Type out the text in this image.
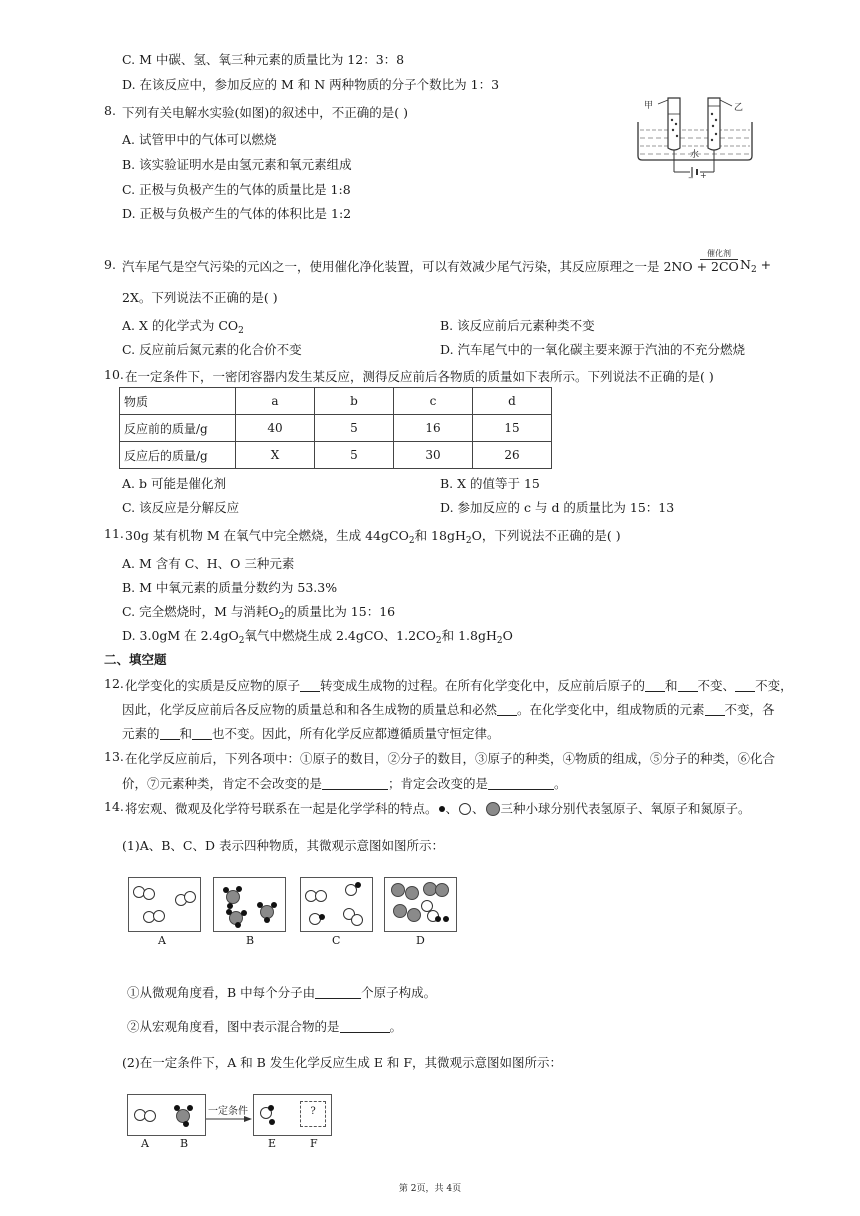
C. M 中碳、氢、氧三种元素的质量比为 12：3：8
D. 在该反应中，参加反应的 M 和 N 两种物质的分子个数比为 1：3
8. 下列有关电解水实验(如图)的叙述中，不正确的是( )
A. 试管甲中的气体可以燃烧
B. 该实验证明水是由氢元素和氧元素组成
C. 正极与负极产生的气体的质量比是 1:8
D. 正极与负极产生的气体的体积比是 1:2
− +
甲	乙
水
9. 汽车尾气是空气污染的元凶之一，使用催化净化装置，可以有效减少尾气污染，其反应原理之一是 2NO + 2CO
催化剂
$N_2$ +
2X。下列说法不正确的是( )
A. X 的化学式为 $CO_2$	B. 该反应前后元素种类不变
C. 反应前后氮元素的化合价不变	D. 汽车尾气中的一氧化碳主要来源于汽油的不充分燃烧
10. 在一定条件下，一密闭容器内发生某反应，测得反应前后各物质的质量如下表所示。下列说法不正确的是( )
物质	a	b	c	d
反应前的质量/g	40	5	16	15
反应后的质量/g	X	5	30	26
A. b 可能是催化剂	B. X 的值等于 15
C. 该反应是分解反应	D. 参加反应的 c 与 d 的质量比为 15：13
11. 30g 某有机物 M 在氧气中完全燃烧，生成 44gCO$_2$和 $18gH_2O$，下列说法不正确的是( )
A. M 含有 C、H、O 三种元素
B. M 中氧元素的质量分数约为 53.3%
C. 完全燃烧时，M 与消耗$O_2$的质量比为 15：16
D. 3.0gM 在 $2.4gO_2$氧气中燃烧生成 2.4gCO、$1.2CO_2$和 $1.8gH_2O$
二、填空题
12. 化学变化的实质是反应物的原子 转变成生成物的过程。在所有化学变化中，反应前后原子的 和 不变、 不变，
因此，化学反应前后各反应物的质量总和和各生成物的质量总和必然 。在化学变化中，组成物质的元素 不变，各
元素的 和 也不变。因此，所有化学反应都遵循质量守恒定律。
13. 在化学反应前后，下列各项中：①原子的数目，②分子的数目，③原子的种类，④物质的组成，⑤分子的种类，⑥化合
价，⑦元素种类，肯定不会改变的是	；肯定会改变的是	。
14. 将宏观、微观及化学符号联系在一起是化学学科的特点。 、 、 三种小球分别代表氢原子、氧原子和氮原子。
(1)A、B、C、D 表示四种物质，其微观示意图如图所示：
A	B	C	D
①从微观角度看，B 中每个分子由	个原子构成。
②从宏观角度看，图中表示混合物的是	。
(2)在一定条件下，A 和 B 发生化学反应生成 E 和 F，其微观示意图如图所示：
A	B
一定条件	?
E	F
第 2页，共 4页
